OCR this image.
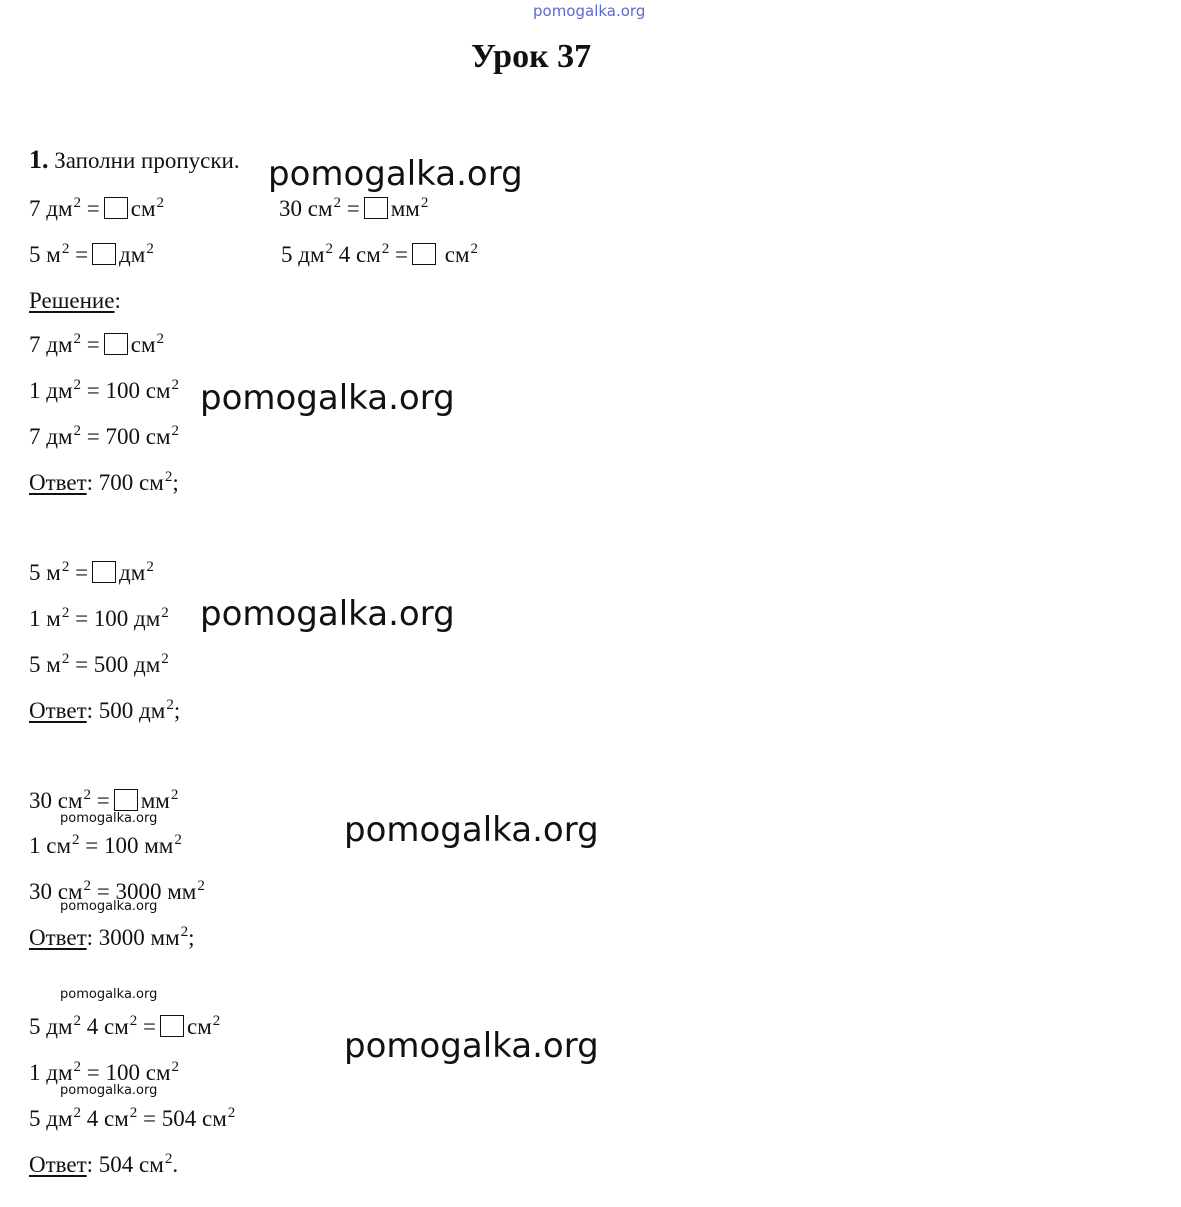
pomogalka.org
Урок 37
1. Заполни пропуски. pomogalka.org
7 $дм^2 = см^2$	30 $см^2 = мм^2$
5 $м^2 = дм^2$	5 $дм^2$ 4 $см^2 = см^2$
Решение:
7 $дм^2 = см^2$
1 $дм^2 = 100$ $см^2$ pomogalka.org
7 $дм^2 = 700$ $см^2$
Ответ: 700 $см^2$;
5 $м^2 = дм^2$
1 $м^2 = 100$ $дм^2$ pomogalka.org
5 $м^2 = 500$ $дм^2$
Ответ: 500 $дм^2$;
30 $см^2 = мм^2$
pomogalka.org	pomogalka.org
1 $см^2 = 100$ $мм^2$
30 $см^2 = 3000$ $мм^2$
pomogalka.org
Ответ: 3000 $мм^2$;
pomogalka.org
5 $дм^2$ 4 $см^2 = см^2$
pomogalka.org
1 $дм^2 = 100$ $см^2$
pomogalka.org
5 $дм^2$ 4 $см^2 = 504$ $см^2$
Ответ: 504 $см^2$.
